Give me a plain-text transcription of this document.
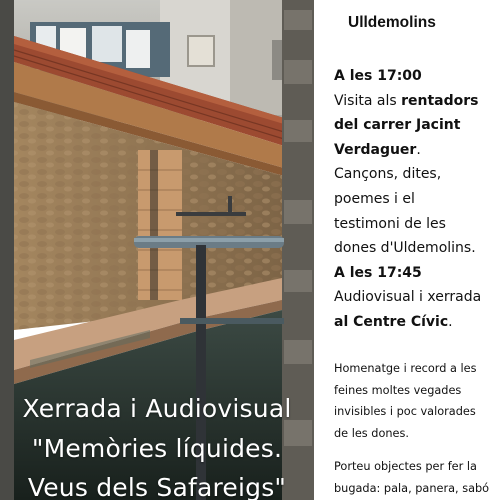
Xerrada i Audiovisual
"Memòries líquides.
Veus dels Safareigs"
Ulldemolins
A les 17:00
Visita als rentadors
del carrer Jacint
Verdaguer.
Cançons, dites,
poemes i el
testimoni de les
dones d'Uldemolins.
A les 17:45
Audiovisual i xerrada
al Centre Cívic.
Homenatge i record a les
feines moltes vegades
invisibles i poc valorades
de les dones.
Porteu objectes per fer la
bugada: pala, panera, sabó
